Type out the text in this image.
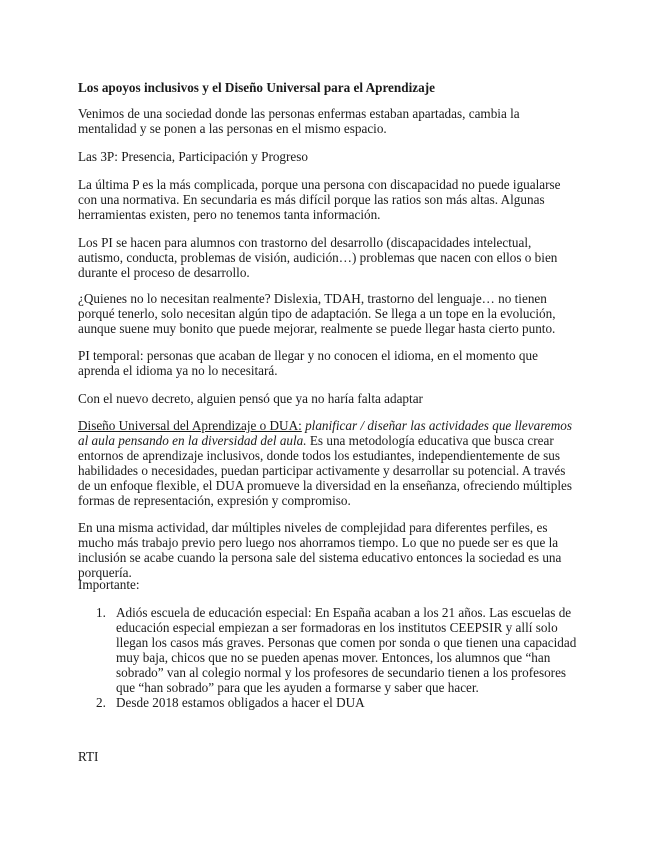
Los apoyos inclusivos y el Diseño Universal para el Aprendizaje

Venimos de una sociedad donde las personas enfermas estaban apartadas, cambia la mentalidad y se ponen a las personas en el mismo espacio.

Las 3P: Presencia, Participación y Progreso

La última P es la más complicada, porque una persona con discapacidad no puede igualarse con una normativa. En secundaria es más difícil porque las ratios son más altas. Algunas herramientas existen, pero no tenemos tanta información.

Los PI se hacen para alumnos con trastorno del desarrollo (discapacidades intelectual, autismo, conducta, problemas de visión, audición…) problemas que nacen con ellos o bien durante el proceso de desarrollo.

¿Quienes no lo necesitan realmente? Dislexia, TDAH, trastorno del lenguaje… no tienen porqué tenerlo, solo necesitan algún tipo de adaptación. Se llega a un tope en la evolución, aunque suene muy bonito que puede mejorar, realmente se puede llegar hasta cierto punto.

PI temporal: personas que acaban de llegar y no conocen el idioma, en el momento que aprenda el idioma ya no lo necesitará.

Con el nuevo decreto, alguien pensó que ya no haría falta adaptar

Diseño Universal del Aprendizaje o DUA: planificar / diseñar las actividades que llevaremos al aula pensando en la diversidad del aula. Es una metodología educativa que busca crear entornos de aprendizaje inclusivos, donde todos los estudiantes, independientemente de sus habilidades o necesidades, puedan participar activamente y desarrollar su potencial. A través de un enfoque flexible, el DUA promueve la diversidad en la enseñanza, ofreciendo múltiples formas de representación, expresión y compromiso.

En una misma actividad, dar múltiples niveles de complejidad para diferentes perfiles, es mucho más trabajo previo pero luego nos ahorramos tiempo. Lo que no puede ser es que la inclusión se acabe cuando la persona sale del sistema educativo entonces la sociedad es una porquería.

Importante:

1. Adiós escuela de educación especial: En España acaban a los 21 años. Las escuelas de educación especial empiezan a ser formadoras en los institutos CEEPSIR y allí solo llegan los casos más graves. Personas que comen por sonda o que tienen una capacidad muy baja, chicos que no se pueden apenas mover. Entonces, los alumnos que “han sobrado” van al colegio normal y los profesores de secundario tienen a los profesores que “han sobrado” para que les ayuden a formarse y saber que hacer.
2. Desde 2018 estamos obligados a hacer el DUA

RTI
